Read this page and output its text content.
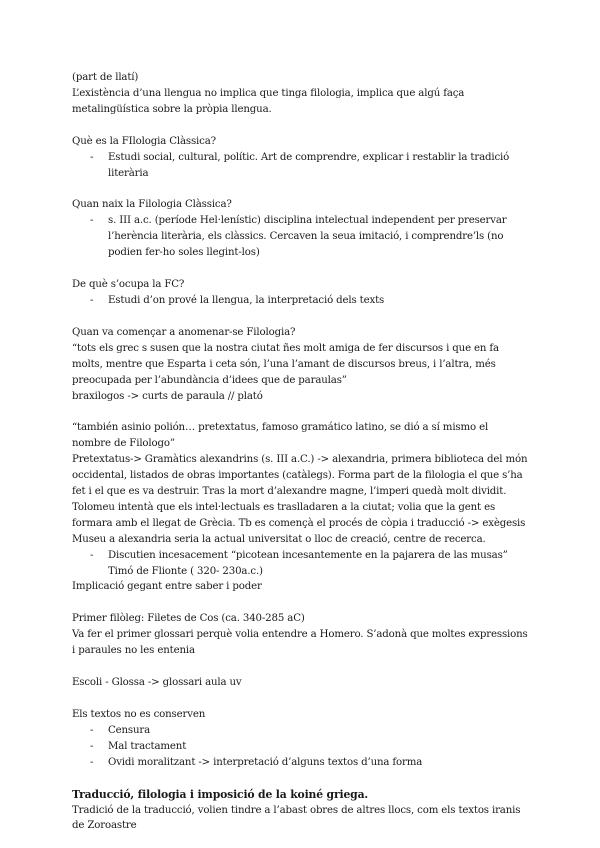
(part de llatí)

L’existència d’una llengua no implica que tinga filologia, implica que algú faça metalingüística sobre la pròpia llengua.

Què es la FIlologia Clàssica?

- Estudi social, cultural, polític. Art de comprendre, explicar i restablir la tradició literària

Quan naix la Filologia Clàssica?

- s. III a.c. (període Hel·lenístic) disciplina intelectual independent per preservar l’herència literària, els clàssics. Cercaven la seua imitació, i comprendre’ls (no podien fer-ho soles llegint-los)

De què s’ocupa la FC?

- Estudi d’on prové la llengua, la interpretació dels texts

Quan va començar a anomenar-se Filologia?

“tots els grec s susen que la nostra ciutat ñes molt amiga de fer discursos i que en fa molts, mentre que Esparta i ceta són, l’una l’amant de discursos breus, i l’altra, més preocupada per l’abundància d’idees que de paraulas”

braxilogos -> curts de paraula // plató

“también asinio polión… pretextatus, famoso gramático latino, se dió a sí mismo el nombre de Filologo”

Pretextatus-> Gramàtics alexandrins (s. III a.C.) -> alexandria, primera biblioteca del món occidental, listados de obras importantes (catàlegs). Forma part de la filologia el que s’ha fet i el que es va destruir. Tras la mort d’alexandre magne, l’imperi quedà molt dividit. Tolomeu intentà que els intel·lectuals es traslladaren a la ciutat; volia que la gent es formara amb el llegat de Grècia. Tb es començà el procés de còpia i traducció -> exègesis

Museu a alexandria seria la actual universitat o lloc de creació, centre de recerca.

- Discutien incesacement “picotean incesantemente en la pajarera de las musas” Timó de Flionte ( 320- 230a.c.)

Implicació gegant entre saber i poder

Primer filòleg: Filetes de Cos (ca. 340-285 aC)

Va fer el primer glossari perquè volia entendre a Homero. S’adonà que moltes expressions i paraules no les entenia

Escoli - Glossa -> glossari aula uv

Els textos no es conserven

- Censura
- Mal tractament
- Ovidi moralitzant -> interpretació d’alguns textos d’una forma

Traducció, filologia i imposició de la koiné griega.

Tradició de la traducció, volien tindre a l’abast obres de altres llocs, com els textos iranis de Zoroastre
